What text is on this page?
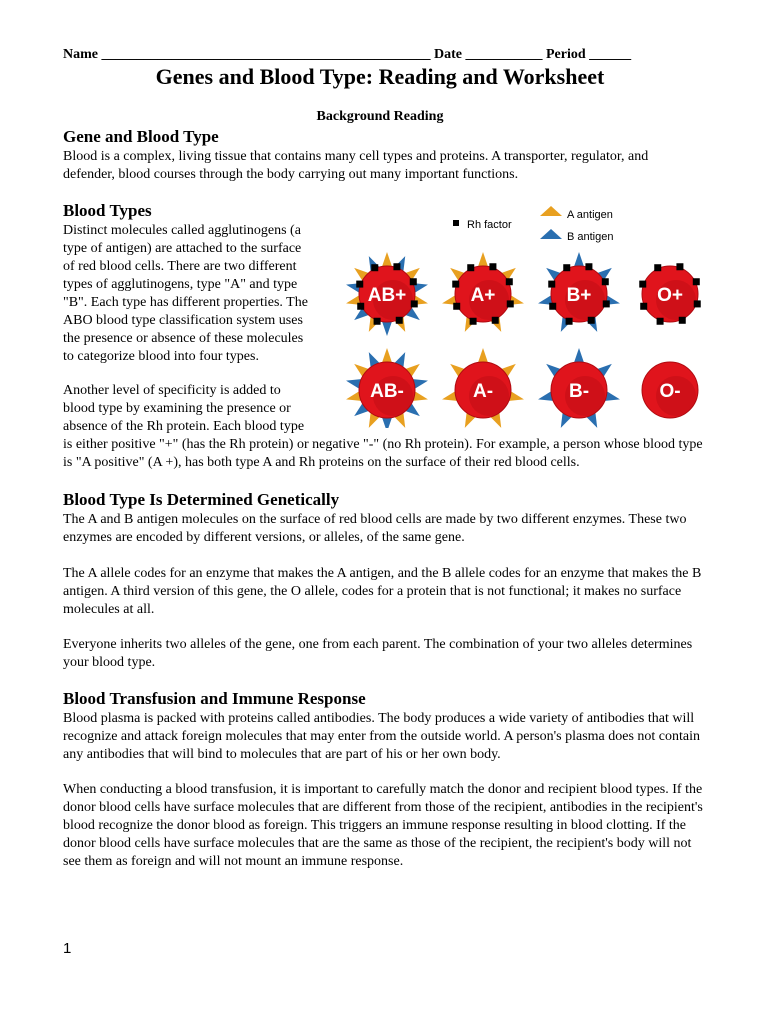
Name _______________________________________________ Date ___________ Period ______
Genes and Blood Type: Reading and Worksheet
Background Reading
Gene and Blood Type

Blood is a complex, living tissue that contains many cell types and proteins. A transporter, regulator, and defender, blood courses through the body carrying out many important functions.

Blood Types
Distinct molecules called agglutinogens (a
type of antigen) are attached to the surface
of red blood cells. There are two different
types of agglutinogens, type "A" and type
"B". Each type has different properties. The
ABO blood type classification system uses
the presence or absence of these molecules
to categorize blood into four types.
Another level of specificity is added to
blood type by examining the presence or
absence of the Rh protein. Each blood type

is either positive "+" (has the Rh protein) or negative "-" (no Rh protein). For example, a person whose blood type is "A positive" (A +), has both type A and Rh proteins on the surface of their red blood cells.

Rh factor
A antigen
B antigen
AB+	A+	B+	O+
AB-	A-	B-	O-
Blood Type Is Determined Genetically

The A and B antigen molecules on the surface of red blood cells are made by two different enzymes. These two enzymes are encoded by different versions, or alleles, of the same gene.

The A allele codes for an enzyme that makes the A antigen, and the B allele codes for an enzyme that makes the B antigen. A third version of this gene, the O allele, codes for a protein that is not functional; it makes no surface molecules at all.

Everyone inherits two alleles of the gene, one from each parent. The combination of your two alleles determines your blood type.

Blood Transfusion and Immune Response

Blood plasma is packed with proteins called antibodies. The body produces a wide variety of antibodies that will recognize and attack foreign molecules that may enter from the outside world. A person's plasma does not contain any antibodies that will bind to molecules that are part of his or her own body.

When conducting a blood transfusion, it is important to carefully match the donor and recipient blood types. If the donor blood cells have surface molecules that are different from those of the recipient, antibodies in the recipient's blood recognize the donor blood as foreign. This triggers an immune response resulting in blood clotting. If the donor blood cells have surface molecules that are the same as those of the recipient, the recipient's body will not see them as foreign and will not mount an immune response.

1
